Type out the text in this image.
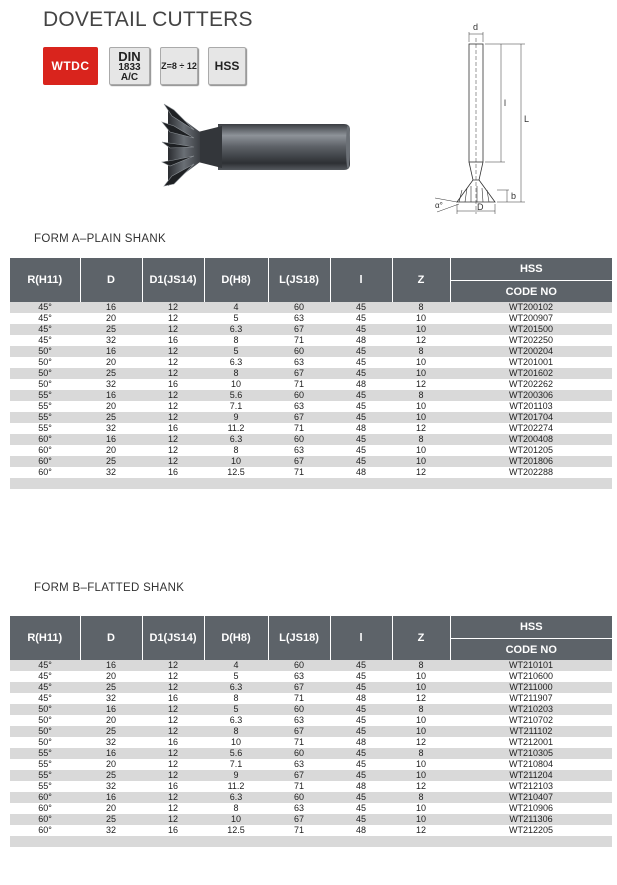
DOVETAIL CUTTERS
WTDC
DIN
1833
A/C
Z=8 ÷ 12	HSS
d
l
L
b
D
α°
FORM A–PLAIN SHANK
R(H11)	D	D1(JS14)	D(H8)	L(JS18)	l	Z	HSS
							CODE NO
45°	16	12	4	60	45	8	WT200102
45°	20	12	5	63	45	10	WT200907
45°	25	12	6.3	67	45	10	WT201500
45°	32	16	8	71	48	12	WT202250
50°	16	12	5	60	45	8	WT200204
50°	20	12	6.3	63	45	10	WT201001
50°	25	12	8	67	45	10	WT201602
50°	32	16	10	71	48	12	WT202262
55°	16	12	5.6	60	45	8	WT200306
55°	20	12	7.1	63	45	10	WT201103
55°	25	12	9	67	45	10	WT201704
55°	32	16	11.2	71	48	12	WT202274
60°	16	12	6.3	60	45	8	WT200408
60°	20	12	8	63	45	10	WT201205
60°	25	12	10	67	45	10	WT201806
60°	32	16	12.5	71	48	12	WT202288

FORM B–FLATTED SHANK
R(H11)	D	D1(JS14)	D(H8)	L(JS18)	l	Z	HSS
							CODE NO
45°	16	12	4	60	45	8	WT210101
45°	20	12	5	63	45	10	WT210600
45°	25	12	6.3	67	45	10	WT211000
45°	32	16	8	71	48	12	WT211907
50°	16	12	5	60	45	8	WT210203
50°	20	12	6.3	63	45	10	WT210702
50°	25	12	8	67	45	10	WT211102
50°	32	16	10	71	48	12	WT212001
55°	16	12	5.6	60	45	8	WT210305
55°	20	12	7.1	63	45	10	WT210804
55°	25	12	9	67	45	10	WT211204
55°	32	16	11.2	71	48	12	WT212103
60°	16	12	6.3	60	45	8	WT210407
60°	20	12	8	63	45	10	WT210906
60°	25	12	10	67	45	10	WT211306
60°	32	16	12.5	71	48	12	WT212205
